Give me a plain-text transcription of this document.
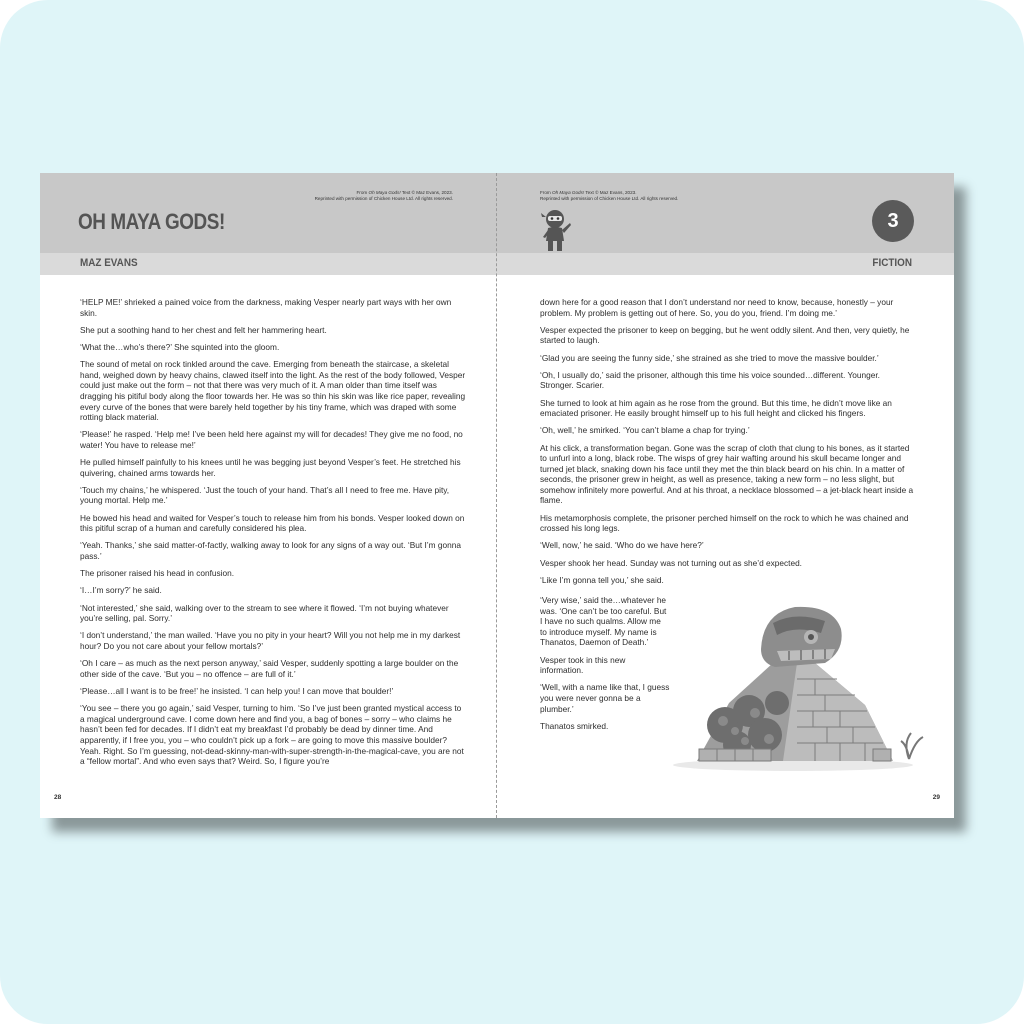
From Oh Maya Gods! Text © Maz Evans, 2023.
Reprinted with permission of Chicken House Ltd. All rights reserved.
OH MAYA GODS!
MAZ EVANS

‘HELP ME!’ shrieked a pained voice from the darkness, making Vesper nearly part ways with her own skin.

She put a soothing hand to her chest and felt her hammering heart.

‘What the…who’s there?’ She squinted into the gloom.

The sound of metal on rock tinkled around the cave. Emerging from beneath the staircase, a skeletal hand, weighed down by heavy chains, clawed itself into the light. As the rest of the body followed, Vesper could just make out the form – not that there was very much of it. A man older than time itself was dragging his pitiful body along the floor towards her. He was so thin his skin was like rice paper, revealing every curve of the bones that were barely held together by his tiny frame, which was draped with some rotting black material.

‘Please!’ he rasped. ‘Help me! I’ve been held here against my will for decades! They give me no food, no water! You have to release me!’

He pulled himself painfully to his knees until he was begging just beyond Vesper’s feet. He stretched his quivering, chained arms towards her.

‘Touch my chains,’ he whispered. ‘Just the touch of your hand. That’s all I need to free me. Have pity, young mortal. Help me.’

He bowed his head and waited for Vesper’s touch to release him from his bonds. Vesper looked down on this pitiful scrap of a human and carefully considered his plea.

‘Yeah. Thanks,’ she said matter-of-factly, walking away to look for any signs of a way out. ‘But I’m gonna pass.’

The prisoner raised his head in confusion.

‘I…I’m sorry?’ he said.

‘Not interested,’ she said, walking over to the stream to see where it flowed. ‘I’m not buying whatever you’re selling, pal. Sorry.’

‘I don’t understand,’ the man wailed. ‘Have you no pity in your heart? Will you not help me in my darkest hour? Do you not care about your fellow mortals?’

‘Oh I care – as much as the next person anyway,’ said Vesper, suddenly spotting a large boulder on the other side of the cave. ‘But you – no offence – are full of it.’

‘Please…all I want is to be free!’ he insisted. ‘I can help you! I can move that boulder!’

‘You see – there you go again,’ said Vesper, turning to him. ‘So I’ve just been granted mystical access to a magical underground cave. I come down here and find you, a bag of bones – sorry – who claims he hasn’t been fed for decades. If I didn’t eat my breakfast I’d probably be dead by dinner time. And apparently, if I free you, you – who couldn’t pick up a fork – are going to move this massive boulder? Yeah. Right. So I’m guessing, not-dead-skinny-man-with-super-strength-in-the-magical-cave, you are not a “fellow mortal”. And who even says that? Weird. So, I figure you’re

28
From Oh Maya Gods! Text © Maz Evans, 2023.
Reprinted with permission of Chicken House Ltd. All rights reserved.
3
FICTION

down here for a good reason that I don’t understand nor need to know, because, honestly – your problem. My problem is getting out of here. So, you do you, friend. I’m doing me.’

Vesper expected the prisoner to keep on begging, but he went oddly silent. And then, very quietly, he started to laugh.

‘Glad you are seeing the funny side,’ she strained as she tried to move the massive boulder.’

‘Oh, I usually do,’ said the prisoner, although this time his voice sounded…different. Younger. Stronger. Scarier.

She turned to look at him again as he rose from the ground. But this time, he didn’t move like an emaciated prisoner. He easily brought himself up to his full height and clicked his fingers.

‘Oh, well,’ he smirked. ‘You can’t blame a chap for trying.’

At his click, a transformation began. Gone was the scrap of cloth that clung to his bones, as it started to unfurl into a long, black robe. The wisps of grey hair wafting around his skull became longer and turned jet black, snaking down his face until they met the thin black beard on his chin. In a matter of seconds, the prisoner grew in height, as well as presence, taking a new form – no less slight, but somehow infinitely more powerful. And at his throat, a necklace blossomed – a jet-black heart inside a flame.

His metamorphosis complete, the prisoner perched himself on the rock to which he was chained and crossed his long legs.

‘Well, now,’ he said. ‘Who do we have here?’

Vesper shook her head. Sunday was not turning out as she’d expected.

‘Like I’m gonna tell you,’ she said.

‘Very wise,’ said the…whatever he was. ‘One can’t be too careful. But I have no such qualms. Allow me to introduce myself. My name is Thanatos, Daemon of Death.’

Vesper took in this new information.

‘Well, with a name like that, I guess you were never gonna be a plumber.’

Thanatos smirked.

29
